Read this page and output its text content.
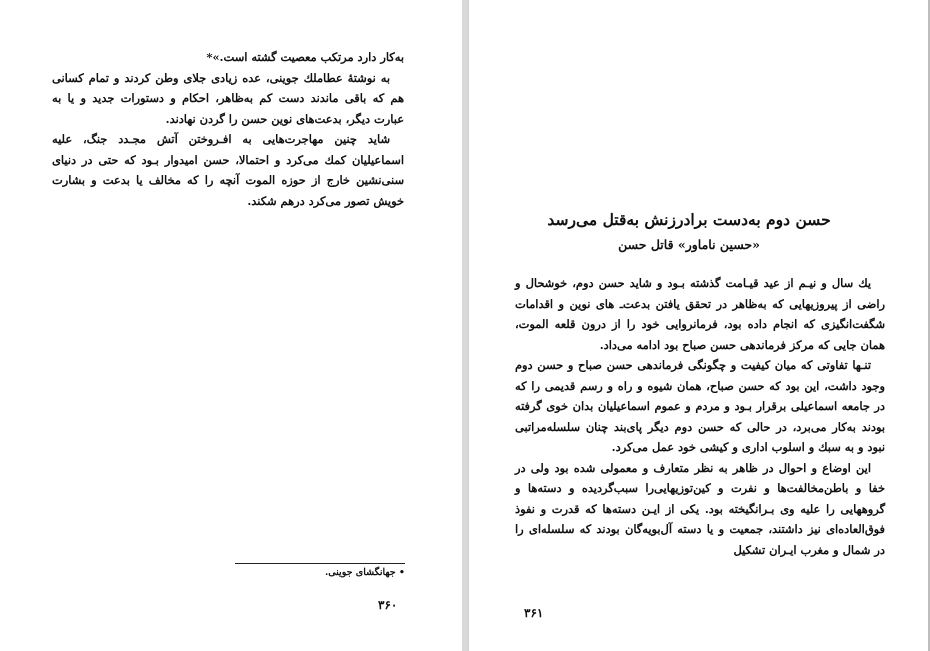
به‌کار دارد مرتکب معصیت گشته است.»*

به نوشتهٔ عطاملك جوینی، عده زیادی جلای وطن کردند و تمام کسانی هم که باقی ماندند دست کم به‌ظاهر، احکام و دستورات جدید و یا به عبارت دیگر، بدعت‌های نوین حسن را گردن نهادند.

شاید چنین مهاجرت‌هایی به افـروختن آتش مجـدد جنگ، علیه اسماعیلیان کمك می‌کرد و احتمالا، حسن امیدوار بـود که حتی در دنیای سنی‌نشین خارج از حوزه الموت آنچه را که مخالف یا بدعت و بشارت خویش تصور می‌کرد درهم شکند.

• جهانگشای جوینی.
۳۶۰
حسن دوم به‌دست برادرزنش به‌قتل می‌رسد
«حسین ناماور» قاتل حسن

یك سال و نیـم از عید قیـامت گذشته بـود و شاید حسن دوم، خوشحال و راضی از پیروزیهایی که به‌ظاهر در تحقق یافتن بدعت‌ـ های نوین و اقدامات شگفت‌انگیزی که انجام داده بود، فرمانروایی خود را از درون قلعه الموت، همان جایی که مرکز فرماندهی حسن صباح بود ادامه می‌داد.

تنـها تفاوتی که میان کیفیت و چگونگی فرماندهی حسن صباح و حسن دوم وجود داشت، این بود که حسن صباح، همان شیوه و راه و رسم قدیمی را که در جامعه اسماعیلی برقرار بـود و مردم و عموم اسماعیلیان بدان خوی گرفته بودند به‌کار می‌برد، در حالی که حسن دوم دیگر پای‌بند چنان سلسله‌مراتبی نبود و به سبك و اسلوب اداری و کیشی خود عمل می‌کرد.

این اوضاع و احوال در ظاهر به نظر متعارف و معمولی شده بود ولی در خفا و باطن‌مخالفت‌ها و نفرت و کین‌توزیهایی‌را سبب‌گردیده و دسته‌ها و گروههایی را علیه وی بـرانگیخته بود. یکی از ایـن دسته‌ها که قدرت و نفوذ فوق‌العاده‌ای نیز داشتند، جمعیت و یا دسته آل‌بویه‌گان بودند که سلسله‌ای را در شمال و مغرب ایـران تشکیل

۳۶۱
